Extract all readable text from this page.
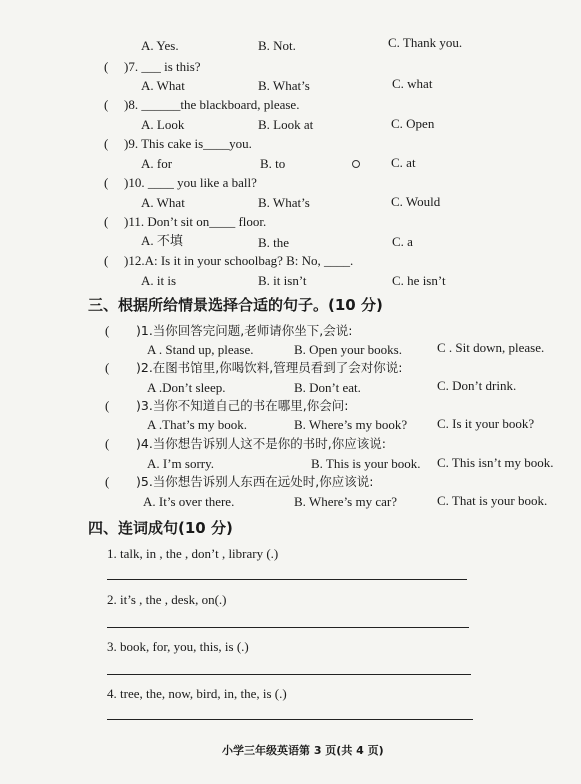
A. Yes.	B. Not.	C. Thank you.
( )7. ___ is this?
A. What	B. What’s	C. what
( )8. ______the blackboard, please.
A. Look	B. Look at	C. Open
( )9. This cake is____you.
A. for	B. to	C. at
( )10. ____ you like a ball?
A. What	B. What’s	C. Would
( )11. Don’t sit on____ floor.
A. 不填	B. the	C. a
( )12.A: Is it in your schoolbag? B: No, ____.
A. it is	B. it isn’t	C. he isn’t
三、根据所给情景选择合适的句子。(10 分)
( )1.当你回答完问题,老师请你坐下,会说:
A . Stand up, please.	B. Open your books.	C . Sit down, please.
( )2.在图书馆里,你喝饮料,管理员看到了会对你说:
A .Don’t sleep.	B. Don’t eat.	C. Don’t drink.
( )3.当你不知道自己的书在哪里,你会问:
A .That’s my book.	B. Where’s my book? C. Is it your book?
( )4.当你想告诉别人这不是你的书时,你应该说:
A. I’m sorry.	B. This is your book. C. This isn’t my book.
( )5.当你想告诉别人东西在远处时,你应该说:
A. It’s over there.	B. Where’s my car?	C. That is your book.
四、连词成句(10 分)
1. talk, in , the , don’t , library (.)
2. it’s , the , desk, on(.)
3. book, for, you, this, is (.)
4. tree, the, now, bird, in, the, is (.)
小学三年级英语第 3 页(共 4 页)
